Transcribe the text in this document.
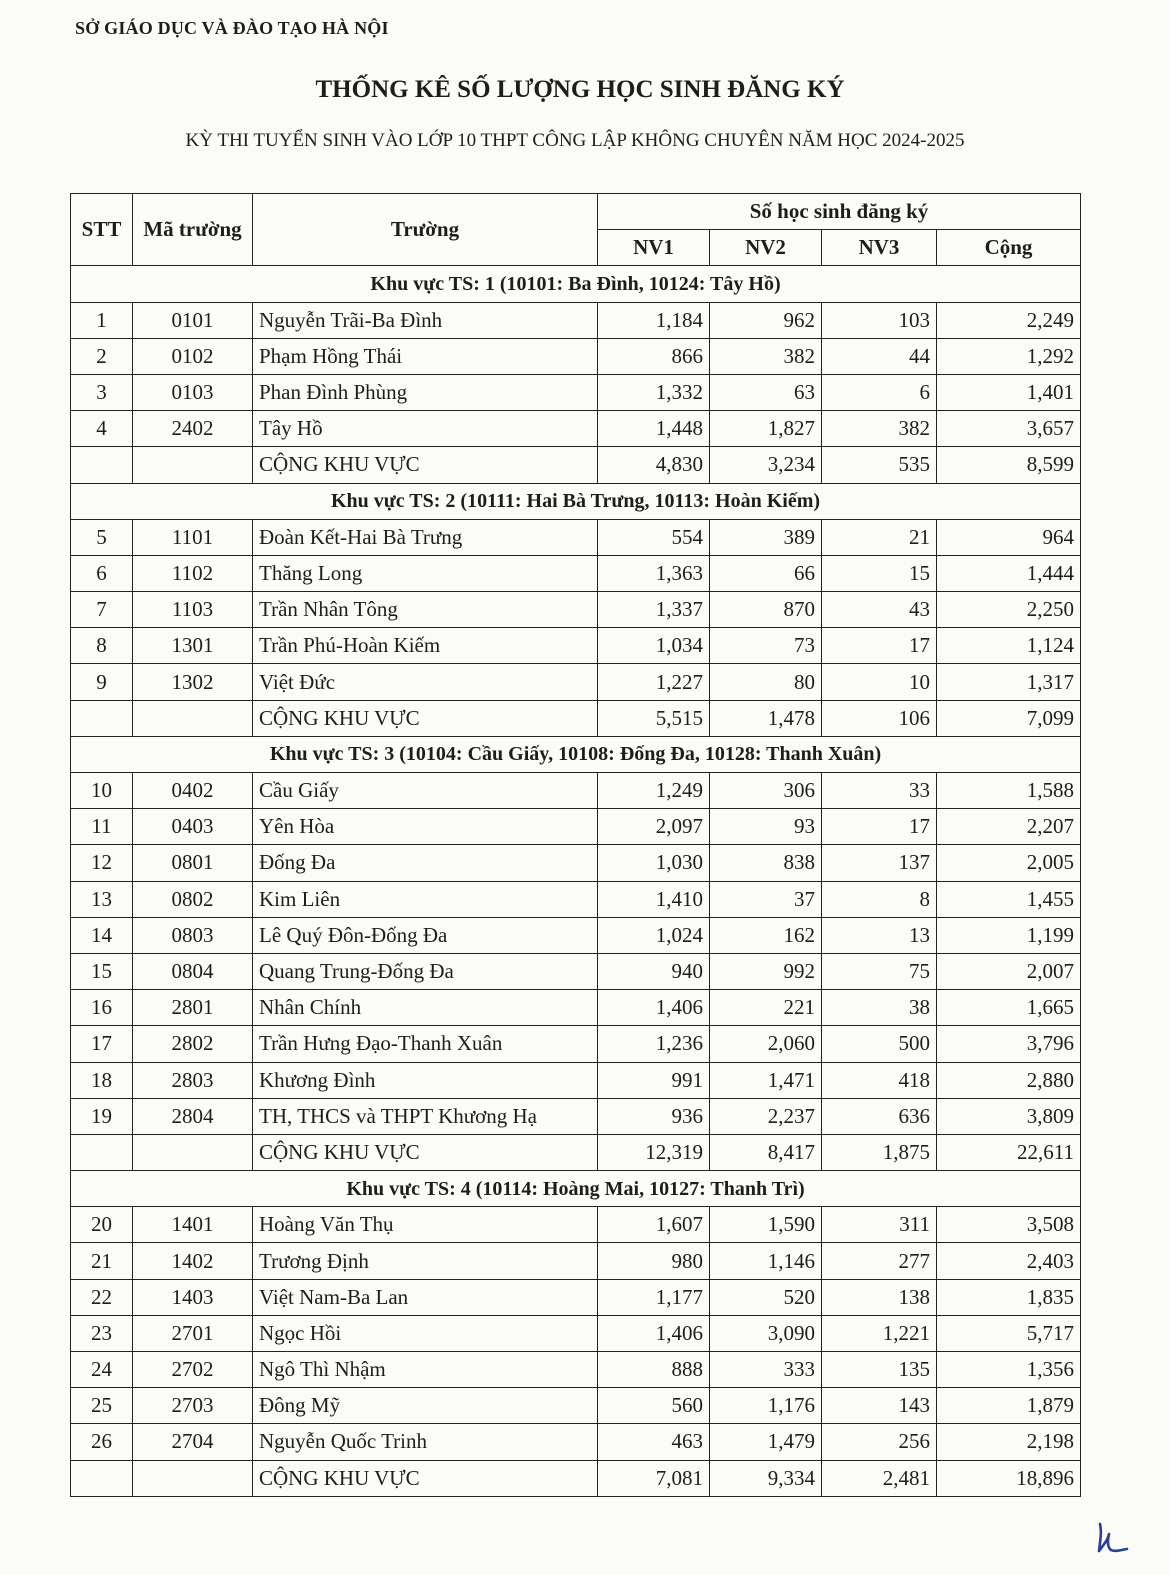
SỞ GIÁO DỤC VÀ ĐÀO TẠO HÀ NỘI
THỐNG KÊ SỐ LƯỢNG HỌC SINH ĐĂNG KÝ
KỲ THI TUYỂN SINH VÀO LỚP 10 THPT CÔNG LẬP KHÔNG CHUYÊN NĂM HỌC 2024-2025
STT	Mã trường	Trường	Số học sinh đăng ký			
			NV1	NV2	NV3	Cộng
Khu vực TS: 1 (10101: Ba Đình, 10124: Tây Hồ)						
1	0101	Nguyễn Trãi-Ba Đình	1,184	962	103	2,249
2	0102	Phạm Hồng Thái	866	382	44	1,292
3	0103	Phan Đình Phùng	1,332	63	6	1,401
4	2402	Tây Hồ	1,448	1,827	382	3,657
		CỘNG KHU VỰC	4,830	3,234	535	8,599
Khu vực TS: 2 (10111: Hai Bà Trưng, 10113: Hoàn Kiếm)						
5	1101	Đoàn Kết-Hai Bà Trưng	554	389	21	964
6	1102	Thăng Long	1,363	66	15	1,444
7	1103	Trần Nhân Tông	1,337	870	43	2,250
8	1301	Trần Phú-Hoàn Kiếm	1,034	73	17	1,124
9	1302	Việt Đức	1,227	80	10	1,317
		CỘNG KHU VỰC	5,515	1,478	106	7,099
Khu vực TS: 3 (10104: Cầu Giấy, 10108: Đống Đa, 10128: Thanh Xuân)						
10	0402	Cầu Giấy	1,249	306	33	1,588
11	0403	Yên Hòa	2,097	93	17	2,207
12	0801	Đống Đa	1,030	838	137	2,005
13	0802	Kim Liên	1,410	37	8	1,455
14	0803	Lê Quý Đôn-Đống Đa	1,024	162	13	1,199
15	0804	Quang Trung-Đống Đa	940	992	75	2,007
16	2801	Nhân Chính	1,406	221	38	1,665
17	2802	Trần Hưng Đạo-Thanh Xuân	1,236	2,060	500	3,796
18	2803	Khương Đình	991	1,471	418	2,880
19	2804	TH, THCS và THPT Khương Hạ	936	2,237	636	3,809
		CỘNG KHU VỰC	12,319	8,417	1,875	22,611
Khu vực TS: 4 (10114: Hoàng Mai, 10127: Thanh Trì)						
20	1401	Hoàng Văn Thụ	1,607	1,590	311	3,508
21	1402	Trương Định	980	1,146	277	2,403
22	1403	Việt Nam-Ba Lan	1,177	520	138	1,835
23	2701	Ngọc Hồi	1,406	3,090	1,221	5,717
24	2702	Ngô Thì Nhậm	888	333	135	1,356
25	2703	Đông Mỹ	560	1,176	143	1,879
26	2704	Nguyễn Quốc Trinh	463	1,479	256	2,198
		CỘNG KHU VỰC	7,081	9,334	2,481	18,896
